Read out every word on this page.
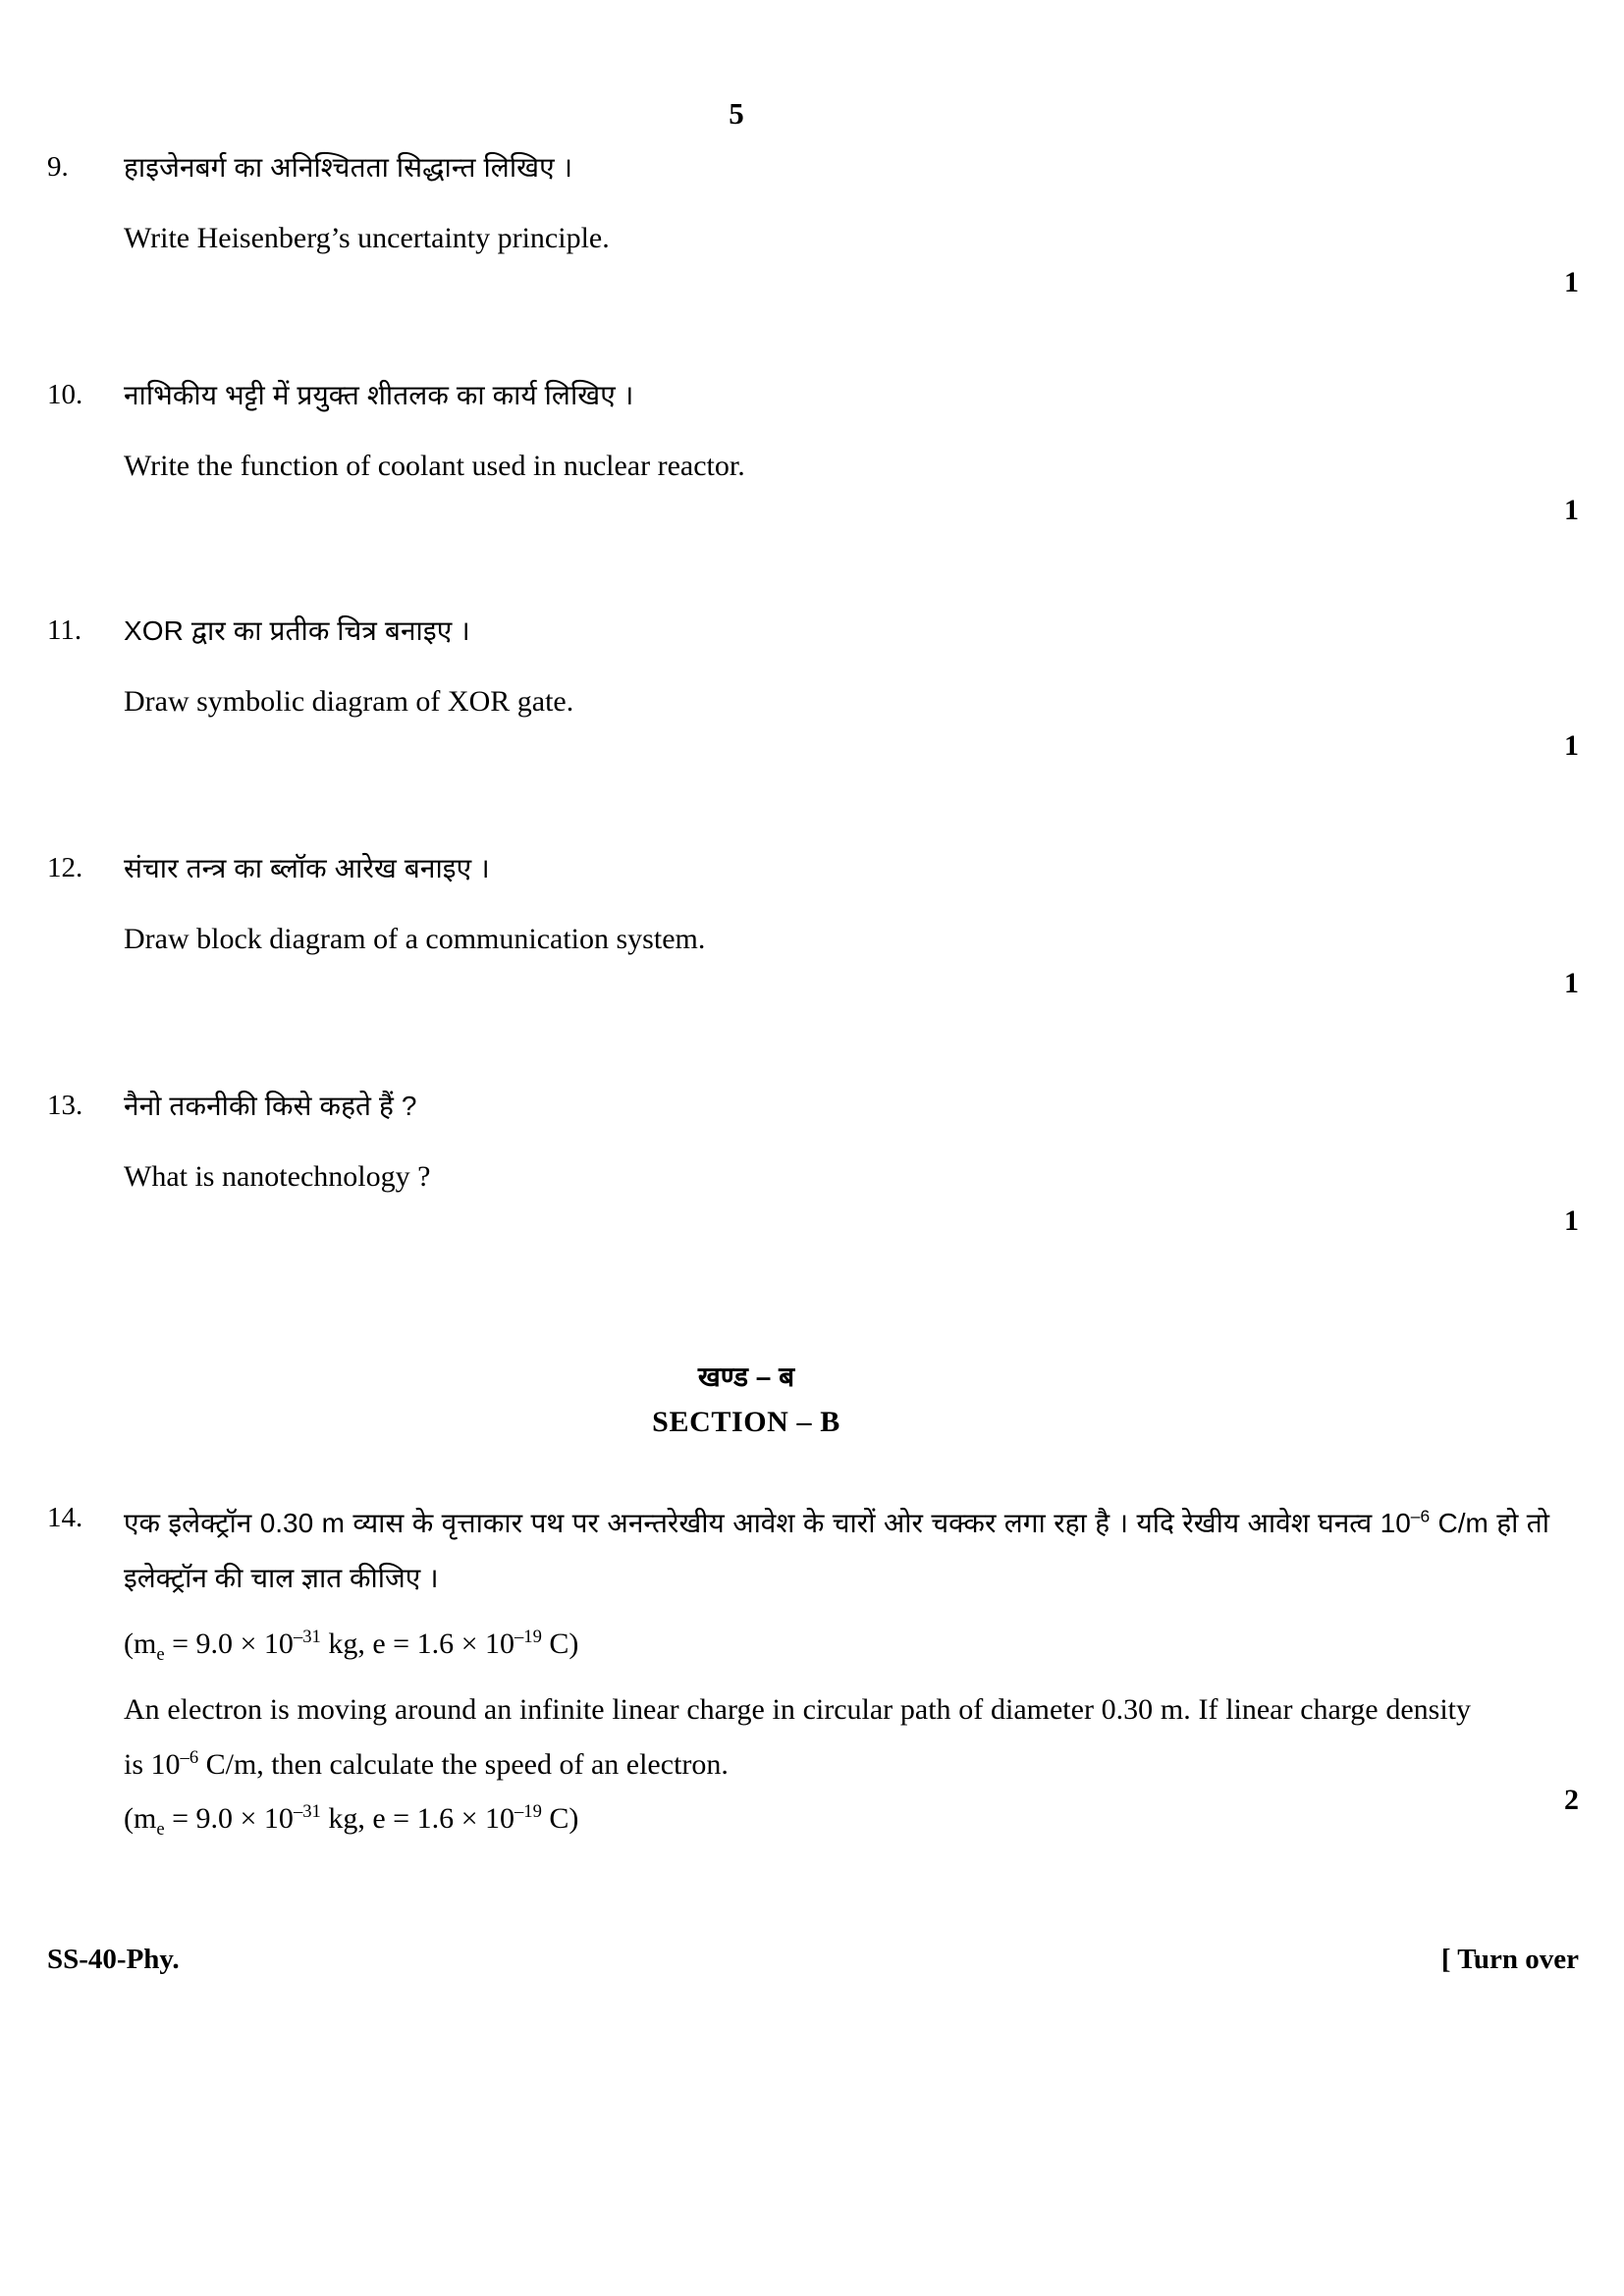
5
9.	हाइजेनबर्ग का अनिश्चितता सिद्धान्त लिखिए ।
Write Heisenberg’s uncertainty principle.
1
10.	नाभिकीय भट्टी में प्रयुक्त शीतलक का कार्य लिखिए ।
Write the function of coolant used in nuclear reactor.
1
11.	XOR द्वार का प्रतीक चित्र बनाइए ।
Draw symbolic diagram of XOR gate.
1
12.	संचार तन्त्र का ब्लॉक आरेख बनाइए ।
Draw block diagram of a communication system.
1
13.	नैनो तकनीकी किसे कहते हैं ?
What is nanotechnology ?
1
खण्ड – ब
SECTION – B
14.	एक इलेक्ट्रॉन 0.30 m व्यास के वृत्ताकार पथ पर अनन्तरेखीय आवेश के चारों ओर चक्कर लगा रहा है । यदि रेखीय आवेश घनत्व $10^{-6}$ C/m हो तो इलेक्ट्रॉन की चाल ज्ञात कीजिए ।
($m_e = 9.0 \times 10^{-31}$ kg, $e = 1.6 \times 10^{-19}$ C)
An electron is moving around an infinite linear charge in circular path of diameter 0.30 m. If linear charge density is $10^{-6}$ C/m, then calculate the speed of an electron.
($m_e = 9.0 \times 10^{-31}$ kg, $e = 1.6 \times 10^{-19}$ C)
2
SS-40-Phy.	[ Turn over
